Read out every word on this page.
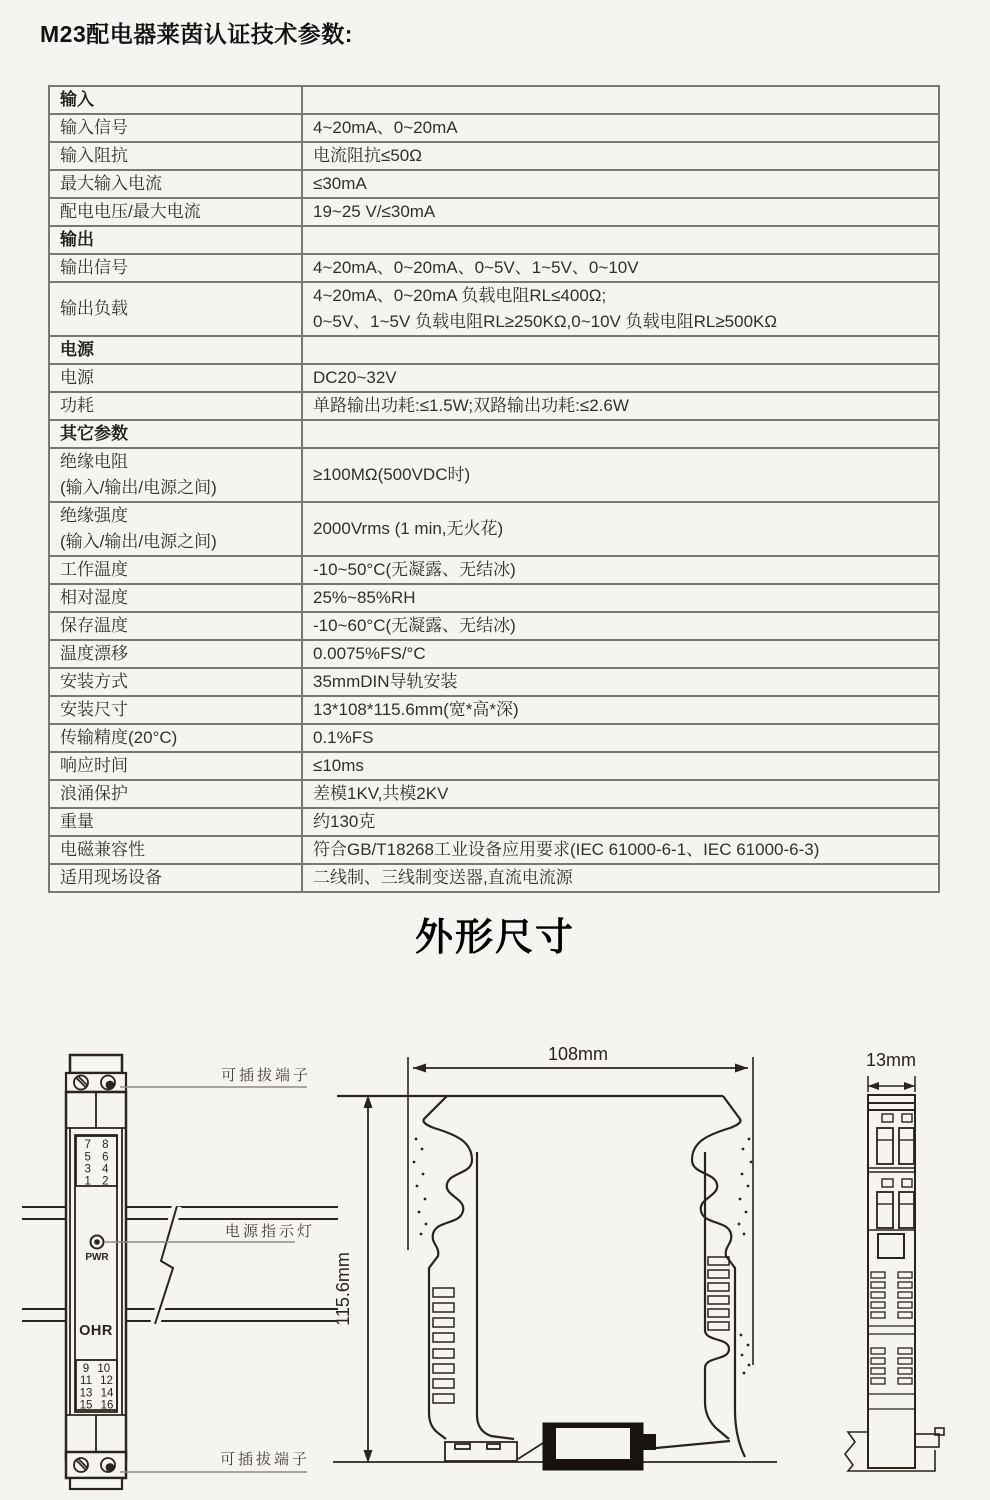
M23配电器莱茵认证技术参数:
输入	
输入信号	4~20mA、0~20mA
输入阻抗	电流阻抗≤50Ω
最大输入电流	≤30mA
配电电压/最大电流	19~25 V/≤30mA
输出	
输出信号	4~20mA、0~20mA、0~5V、1~5V、0~10V
输出负载	4~20mA、0~20mA 负载电阻RL≤400Ω;
0~5V、1~5V 负载电阻RL≥250KΩ,0~10V 负载电阻RL≥500KΩ

电源	
电源	DC20~32V
功耗	单路输出功耗:≤1.5W;双路输出功耗:≤2.6W
其它参数	
绝缘电阻
(输入/输出/电源之间)	≥100MΩ(500VDC时)
绝缘强度
(输入/输出/电源之间)	2000Vrms (1 min,无火花)
工作温度	-10~50°C(无凝露、无结冰)
相对湿度	25%~85%RH
保存温度	-10~60°C(无凝露、无结冰)
温度漂移	0.0075%FS/°C
安装方式	35mmDIN导轨安装
安装尺寸	13*108*115.6mm(宽*高*深)
传输精度(20°C)	0.1%FS
响应时间	≤10ms
浪涌保护	差模1KV,共模2KV
重量	约130克
电磁兼容性	符合GB/T18268工业设备应用要求(IEC 61000-6-1、IEC 61000-6-3)
适用现场设备	二线制、三线制变送器,直流电流源
外形尺寸
7 8
5 6
3 4
1 2
PWR
OHR
9 10
11 12
13 14
15 16
可插拔端子
电源指示灯
可插拔端子
108mm
115.6mm
13mm
